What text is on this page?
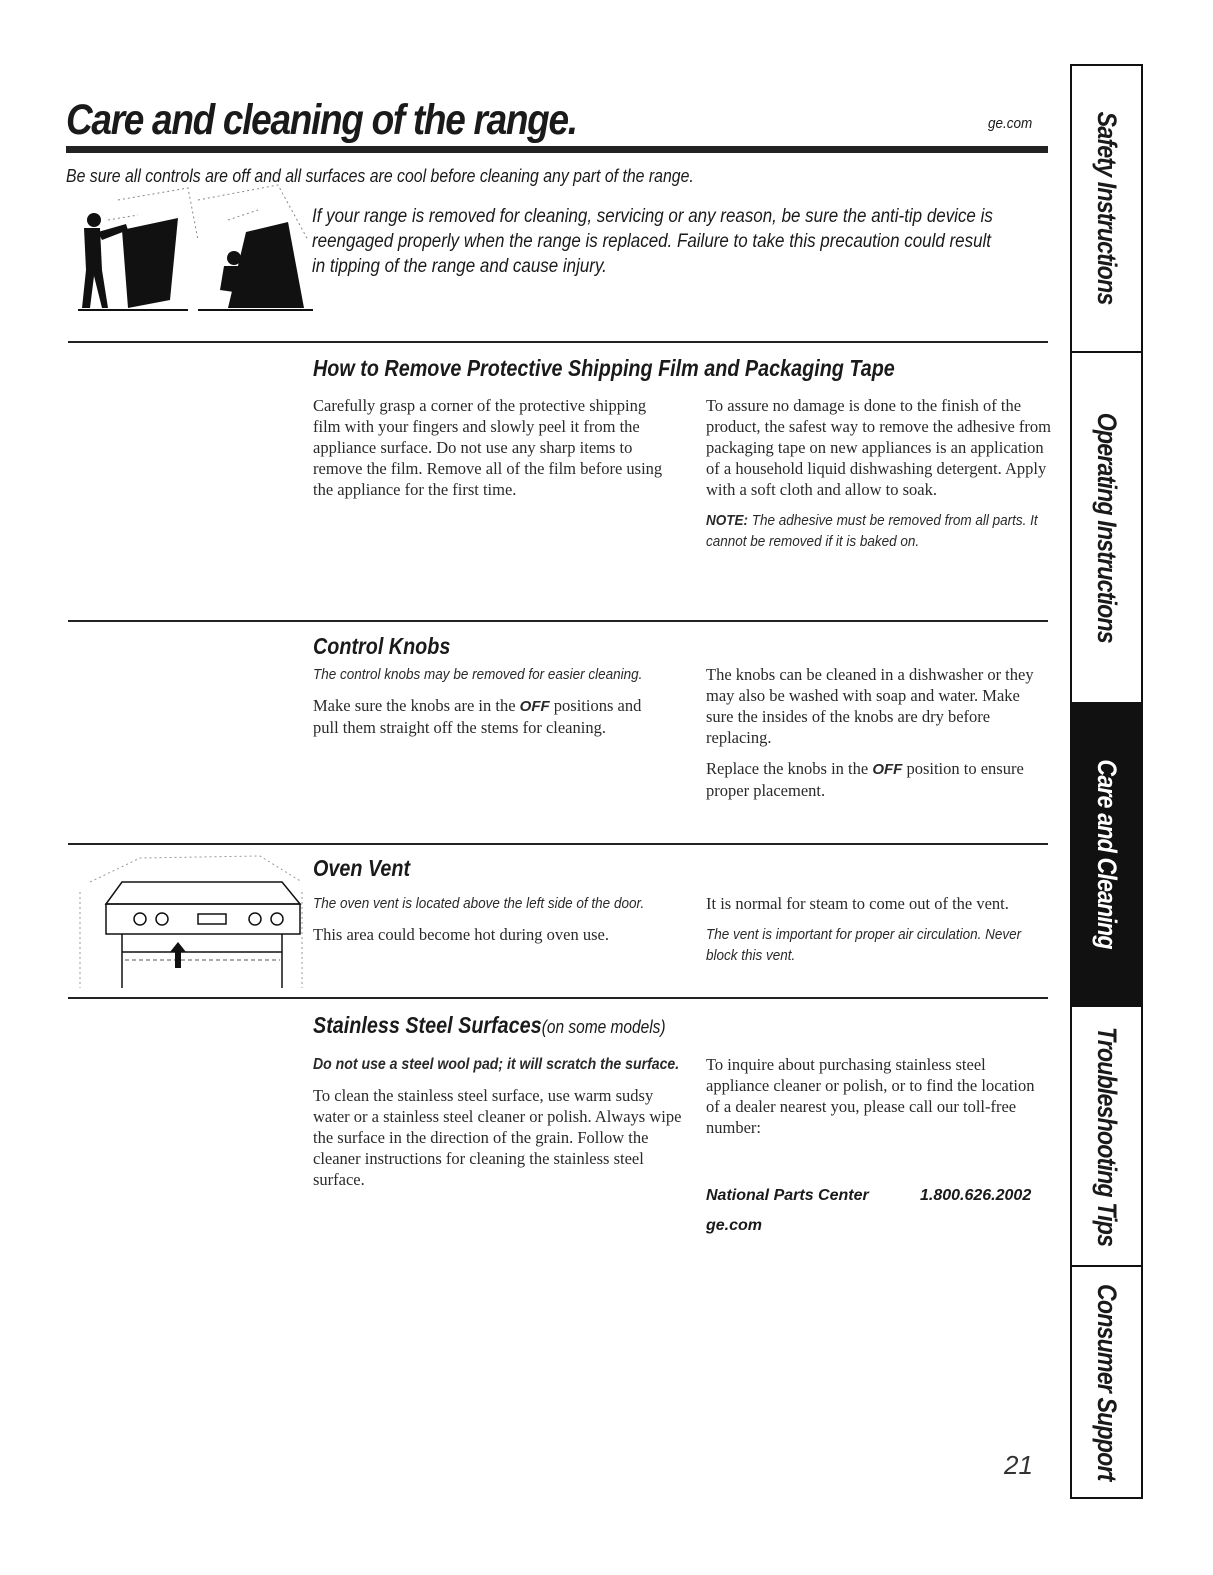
Care and cleaning of the range.	ge.com
Be sure all controls are off and all surfaces are cool before cleaning any part of the range.
If your range is removed for cleaning, servicing or any reason, be sure the anti-tip device is reengaged properly when the range is replaced. Failure to take this precaution could result in tipping of the range and cause injury.
How to Remove Protective Shipping Film and Packaging Tape

Carefully grasp a corner of the protective shipping film with your fingers and slowly peel it from the appliance surface. Do not use any sharp items to remove the film. Remove all of the film before using the appliance for the first time.

To assure no damage is done to the finish of the product, the safest way to remove the adhesive from packaging tape on new appliances is an application of a household liquid dishwashing detergent. Apply with a soft cloth and allow to soak.

NOTE: The adhesive must be removed from all parts. It cannot be removed if it is baked on.

Control Knobs

The control knobs may be removed for easier cleaning.

Make sure the knobs are in the OFF positions and pull them straight off the stems for cleaning.

The knobs can be cleaned in a dishwasher or they may also be washed with soap and water. Make sure the insides of the knobs are dry before replacing.

Replace the knobs in the OFF position to ensure proper placement.

Oven Vent

The oven vent is located above the left side of the door.

This area could become hot during oven use.

It is normal for steam to come out of the vent.

The vent is important for proper air circulation. Never block this vent.

Stainless Steel Surfaces(on some models)

Do not use a steel wool pad; it will scratch the surface.

To clean the stainless steel surface, use warm sudsy water or a stainless steel cleaner or polish. Always wipe the surface in the direction of the grain. Follow the cleaner instructions for cleaning the stainless steel surface.

To inquire about purchasing stainless steel appliance cleaner or polish, or to find the location of a dealer nearest you, please call our toll-free number:

National Parts Center	1.800.626.2002
ge.com
21
Safety Instructions
Operating Instructions
Care and Cleaning
Troubleshooting Tips
Consumer Support
